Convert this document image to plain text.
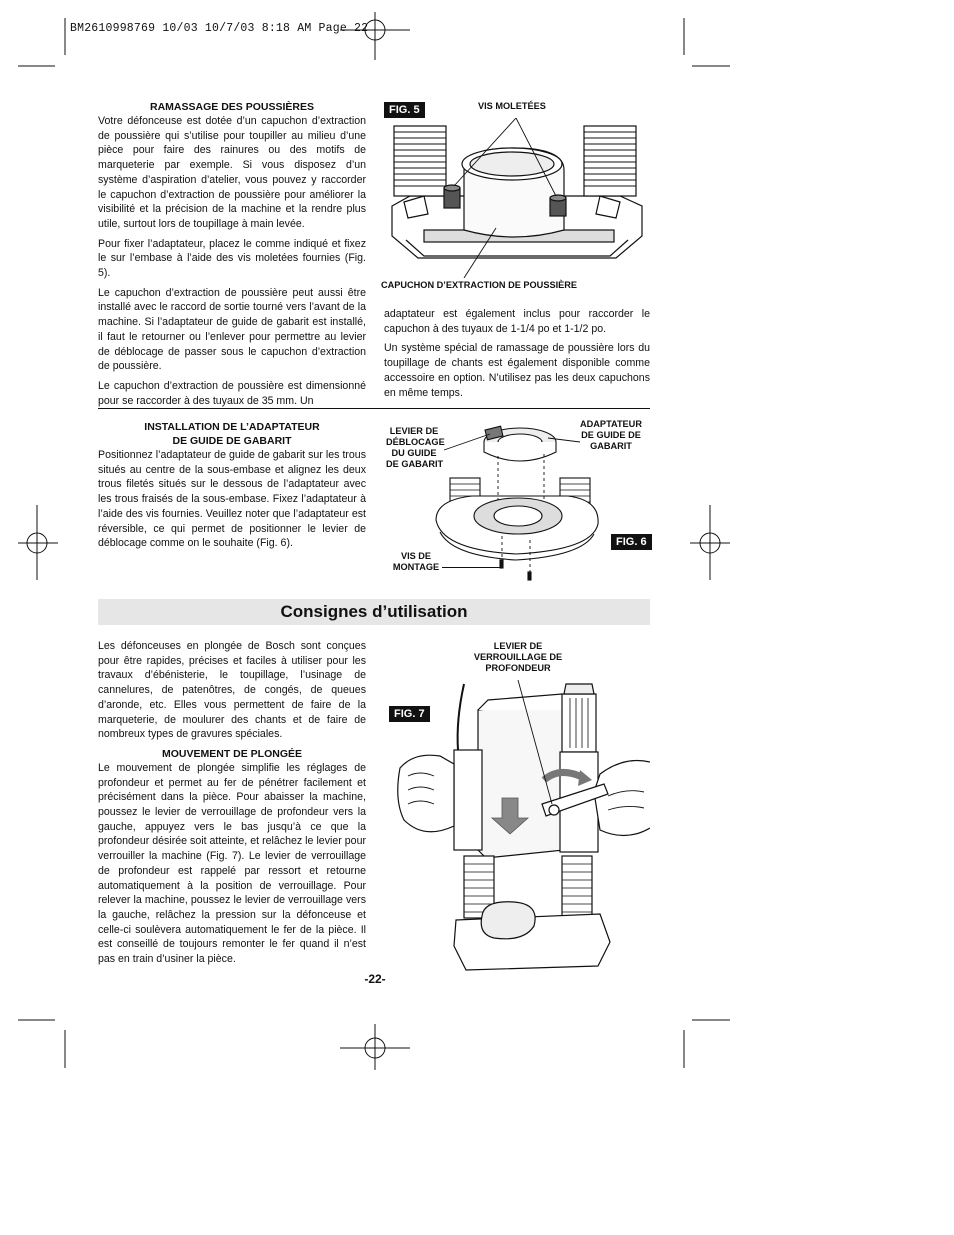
BM2610998769 10/03 10/7/03 8:18 AM Page 22
RAMASSAGE DES POUSSIÈRES

Votre défonceuse est dotée d’un capuchon d’extraction de poussière qui s’utilise pour toupiller au milieu d’une pièce pour faire des rainures ou des motifs de marqueterie par exemple. Si vous disposez d’un système d’aspiration d’atelier, vous pouvez y raccorder le capuchon d’extraction de poussière pour améliorer la visibilité et la précision de la machine et la rendre plus utile, surtout lors de toupillage à main levée.

Pour fixer l’adaptateur, placez le comme indiqué et fixez le sur l’embase à l’aide des vis moletées fournies (Fig. 5).

Le capuchon d’extraction de poussière peut aussi être installé avec le raccord de sortie tourné vers l’avant de la machine. Si l’adaptateur de guide de gabarit est installé, il faut le retourner ou l’enlever pour permettre au levier de déblocage de passer sous le capuchon d’extraction de poussière.

Le capuchon d’extraction de poussière est dimensionné pour se raccorder à des tuyaux de 35 mm. Un

FIG. 5	VIS MOLETÉES
CAPUCHON D’EXTRACTION DE POUSSIÈRE

adaptateur est également inclus pour raccorder le capuchon à des tuyaux de 1-1/4 po et 1-1/2 po.

Un système spécial de ramassage de poussière lors du toupillage de chants est également disponible comme accessoire en option. N’utilisez pas les deux capuchons en même temps.

INSTALLATION DE L’ADAPTATEUR
DE GUIDE DE GABARIT

Positionnez l’adaptateur de guide de gabarit sur les trous situés au centre de la sous-embase et alignez les deux trous filetés situés sur le dessous de l’adaptateur avec les trous fraisés de la sous-embase. Fixez l’adaptateur à l’aide des vis fournies. Veuillez noter que l’adaptateur est réversible, ce qui permet de positionner le levier de déblocage comme on le souhaite (Fig. 6).

LEVIER DE
DÉBLOCAGE
DU GUIDE
DE GABARIT
ADAPTATEUR
DE GUIDE DE
GABARIT
FIG. 6
VIS DE
MONTAGE
Consignes d’utilisation

Les défonceuses en plongée de Bosch sont conçues pour être rapides, précises et faciles à utiliser pour les travaux d’ébénisterie, le toupillage, l’usinage de cannelures, de patenôtres, de congés, de queues d’aronde, etc. Elles vous permettent de faire de la marqueterie, de moulurer des chants et de faire de nombreux types de gravures spéciales.

MOUVEMENT DE PLONGÉE

Le mouvement de plongée simplifie les réglages de profondeur et permet au fer de pénétrer facilement et précisément dans la pièce. Pour abaisser la machine, poussez le levier de verrouillage de profondeur vers la gauche, appuyez vers le bas jusqu’à ce que la profondeur désirée soit atteinte, et relâchez le levier pour verrouiller la machine (Fig. 7). Le levier de verrouillage de profondeur est rappelé par ressort et retourne automatiquement à la position de verrouillage. Pour relever la machine, poussez le levier de verrouillage vers la gauche, relâchez la pression sur la défonceuse et celle-ci soulèvera automatiquement le fer de la pièce. Il est conseillé de toujours remonter le fer quand il n’est pas en train d’usiner la pièce.

LEVIER DE
VERROUILLAGE DE
PROFONDEUR
FIG. 7
-22-
